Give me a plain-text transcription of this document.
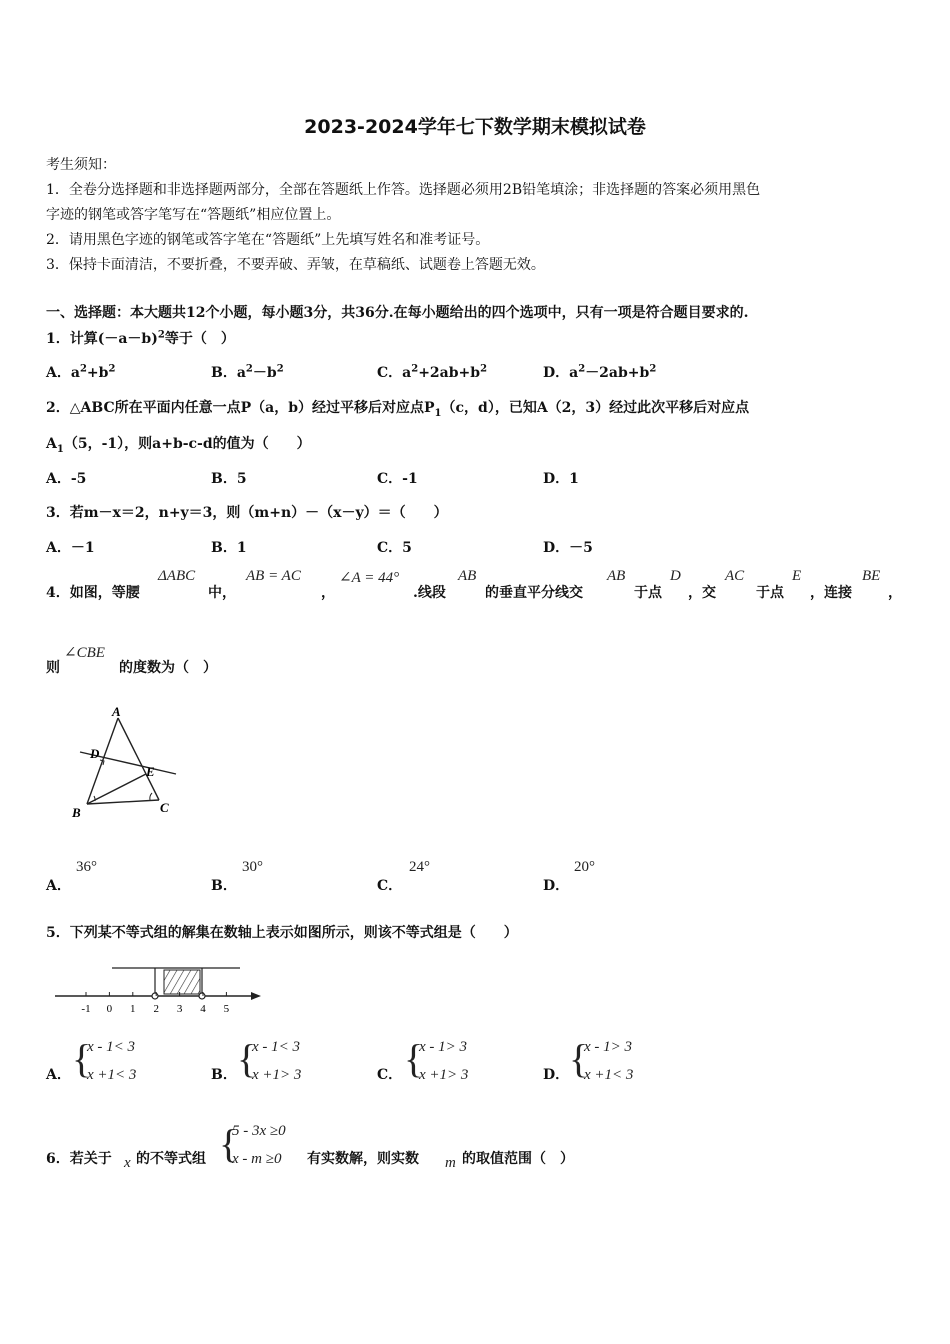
2023-2024学年七下数学期末模拟试卷
考生须知：
1．全卷分选择题和非选择题两部分，全部在答题纸上作答。选择题必须用2B铅笔填涂；非选择题的答案必须用黑色
字迹的钢笔或答字笔写在“答题纸”相应位置上。
2．请用黑色字迹的钢笔或答字笔在“答题纸”上先填写姓名和准考证号。
3．保持卡面清洁，不要折叠，不要弄破、弄皱，在草稿纸、试题卷上答题无效。
一、选择题：本大题共12个小题，每小题3分，共36分.在每小题给出的四个选项中，只有一项是符合题目要求的.
1．计算$(-a-b)^2$等于（　）
A．$a^2+b^2$	B．$a^2-b^2$	C．$a^2+2ab+b^2$	D．$a^2-2ab+b^2$
2．△ABC所在平面内任意一点P（a，b）经过平移后对应点$P_1(c$，d），已知A（2，3）经过此次平移后对应点
$A_1(5$，-1），则a+b-c-d的值为（　　）
A．-5	B．5	C．-1	D．1
3．若m－x＝2，n+y＝3，则（m+n）－（x－y）＝（　　）
A．－1	B．1	C．5	D．－5
4．如图，等腰
ΔABC
中，
AB = AC
，
∠A = 44°
.线段
AB
的垂直平分线交
AB
于点
D
，交
AC
于点
E
，连接
BE
，
则
∠CBE
的度数为（　）
A
D
E
B	C
A．
36°
B．
30°
C．
24°
D．
20°
5．下列某不等式组的解集在数轴上表示如图所示，则该不等式组是（　　）
-1 0 1 2 3 4 5
A． {
x - 1< 3
x +1< 3	B． {
x - 1< 3
x +1> 3	C． {
x - 1> 3
x +1> 3	D． {
x - 1> 3
x +1< 3
6．若关于 x 的不等式组 {
5 - 3x ≥0
x - m ≥0 有实数解，则实数 m 的取值范围（　）
